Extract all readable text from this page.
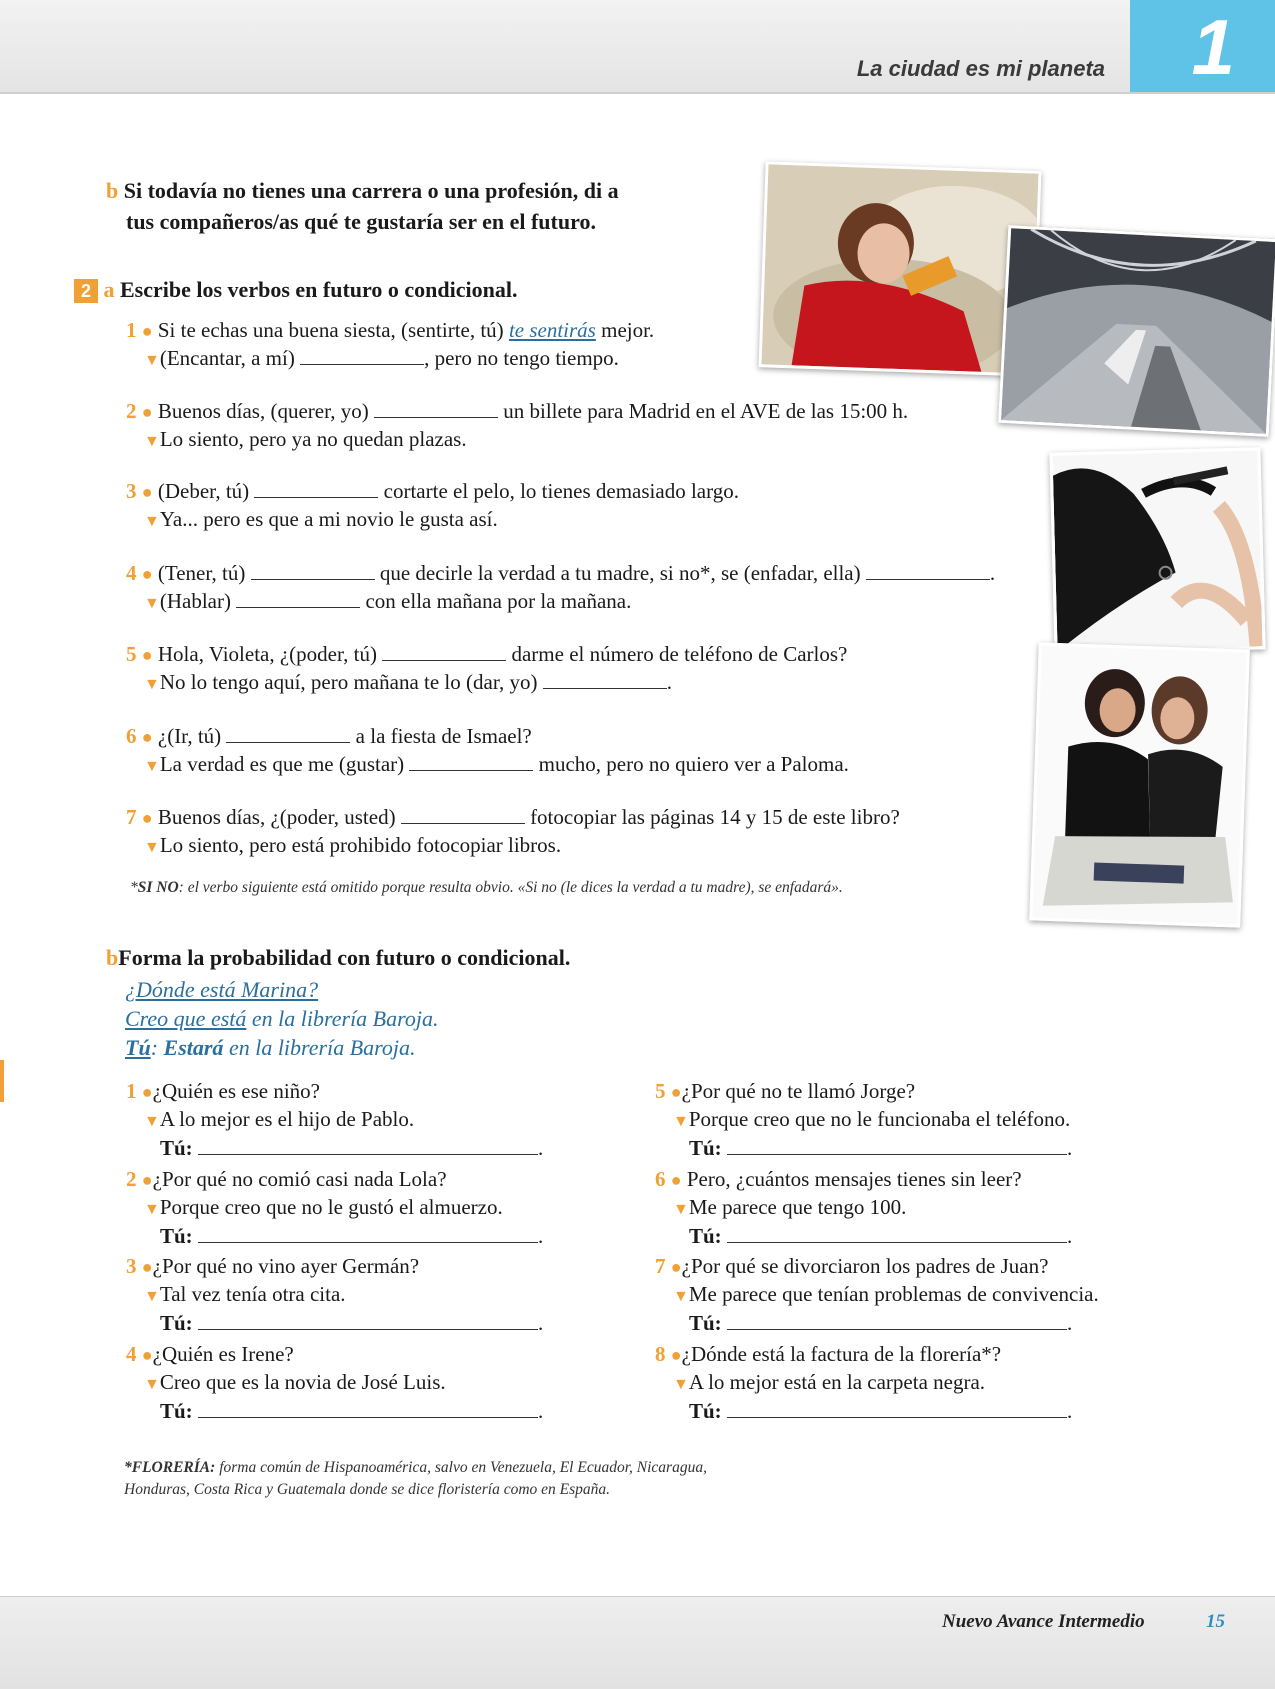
La ciudad es mi planeta 1
b Si todavía no tienes una carrera o una profesión, di a
tus compañeros/as qué te gustaría ser en el futuro.
2 a Escribe los verbos en futuro o condicional.
1 ● Si te echas una buena siesta, (sentirte, tú) te sentirás mejor.
▼(Encantar, a mí)	, pero no tengo tiempo.
2 ● Buenos días, (querer, yo)	un billete para Madrid en el AVE de las 15:00 h.
▼Lo siento, pero ya no quedan plazas.
3 ● (Deber, tú)	cortarte el pelo, lo tienes demasiado largo.
▼Ya... pero es que a mi novio le gusta así.
4 ● (Tener, tú)	que decirle la verdad a tu madre, si no*, se (enfadar, ella)	.
▼(Hablar)	con ella mañana por la mañana.
5 ● Hola, Violeta, ¿(poder, tú)	darme el número de teléfono de Carlos?
▼No lo tengo aquí, pero mañana te lo (dar, yo)	.
6 ● ¿(Ir, tú)	a la fiesta de Ismael?
▼La verdad es que me (gustar)	mucho, pero no quiero ver a Paloma.
7 ● Buenos días, ¿(poder, usted)	fotocopiar las páginas 14 y 15 de este libro?
▼Lo siento, pero está prohibido fotocopiar libros.
*SI NO: el verbo siguiente está omitido porque resulta obvio. «Si no (le dices la verdad a tu madre), se enfadará».
bForma la probabilidad con futuro o condicional.
¿Dónde está Marina?
Creo que está en la librería Baroja.
Tú: Estará en la librería Baroja.
1 ●¿Quién es ese niño?
▼A lo mejor es el hijo de Pablo.
Tú:	.
2 ●¿Por qué no comió casi nada Lola?
▼Porque creo que no le gustó el almuerzo.
Tú:	.
3 ●¿Por qué no vino ayer Germán?
▼Tal vez tenía otra cita.
Tú:	.
4 ●¿Quién es Irene?
▼Creo que es la novia de José Luis.
Tú:	.
5 ●¿Por qué no te llamó Jorge?
▼Porque creo que no le funcionaba el teléfono.
Tú:	.
6 ● Pero, ¿cuántos mensajes tienes sin leer?
▼Me parece que tengo 100.
Tú:	.
7 ●¿Por qué se divorciaron los padres de Juan?
▼Me parece que tenían problemas de convivencia.
Tú:	.
8 ●¿Dónde está la factura de la florería*?
▼A lo mejor está en la carpeta negra.
Tú:	.
*FLORERÍA: forma común de Hispanoamérica, salvo en Venezuela, El Ecuador, Nicaragua,
Honduras, Costa Rica y Guatemala donde se dice floristería como en España.
Nuevo Avance Intermedio	15
